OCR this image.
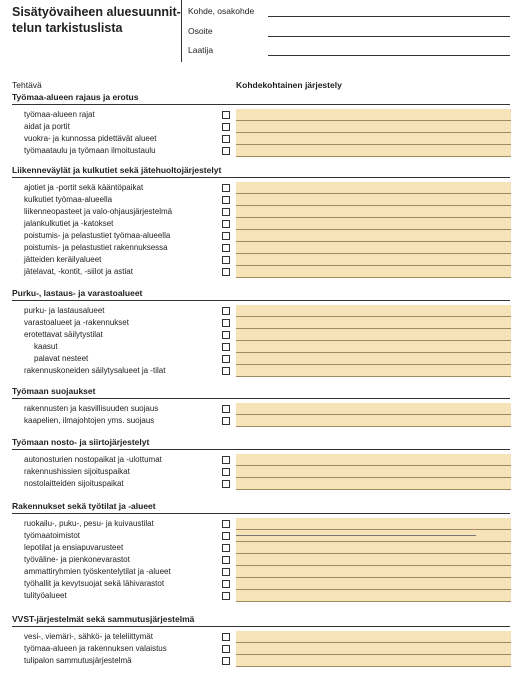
Sisätyövaiheen aluesuunnit-
telun tarkistuslista
Kohde, osakohde
Osoite
Laatija
Tehtävä	Kohdekohtainen järjestely
Työmaa-alueen rajaus ja erotus
työmaa-alueen rajat
aidat ja portit
vuokra- ja kunnossa pidettävät alueet
työmaataulu ja työmaan ilmoitustaulu
Liikenneväylät ja kulkutiet sekä jätehuoltojärjestelyt
ajotiet ja -portit sekä kääntöpaikat
kulkutiet työmaa-alueella
liikenneopasteet ja valo-ohjausjärjestelmä
jalankulkutiet ja -katokset
poistumis- ja pelastustiet työmaa-alueella
poistumis- ja pelastustiet rakennuksessa
jätteiden keräilyalueet
jätelavat, -kontit, -siilot ja astiat
Purku-, lastaus- ja varastoalueet
purku- ja lastausalueet
varastoalueet ja -rakennukset
erotettavat säilytystilat
kaasut
palavat nesteet
rakennuskoneiden säilytysalueet ja -tilat
Työmaan suojaukset
rakennusten ja kasvillisuuden suojaus
kaapelien, ilmajohtojen yms. suojaus
Työmaan nosto- ja siirtojärjestelyt
autonosturien nostopaikat ja -ulottumat
rakennushissien sijoituspaikat
nostolaitteiden sijoituspaikat
Rakennukset sekä työtilat ja -alueet
ruokailu-, puku-, pesu- ja kuivaustilat
työmaatoimistot
lepotilat ja ensiapuvarusteet
työväline- ja pienkonevarastot
ammattiryhmien työskentelytilat ja -alueet
työhallit ja kevytsuojat sekä lähivarastot
tulityöalueet
VVST-järjestelmät sekä sammutusjärjestelmä
vesi-, viemäri-, sähkö- ja teleliittymät
työmaa-alueen ja rakennuksen valaistus
tulipalon sammutusjärjestelmä
